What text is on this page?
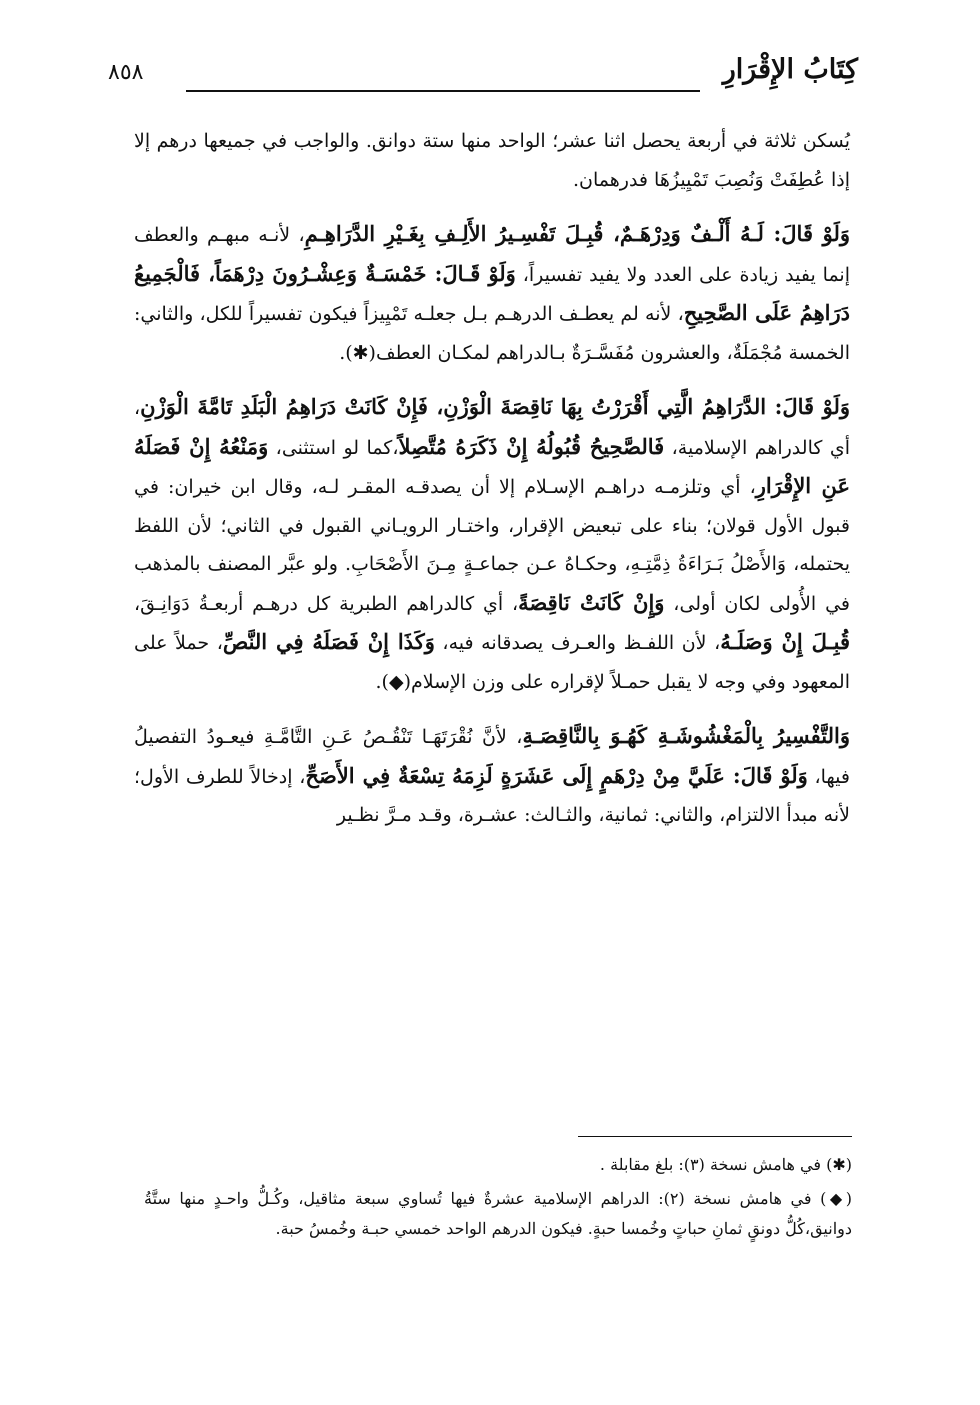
كِتَابُ الإِقْرَارِ
٨٥٨

يُسكن ثلاثة في أربعة يحصل اثنا عشر؛ الواحد منها ستة دوانق. والواجب في جميعها درهم إلا إذا عُطِفَتْ وَنُصِبَ تَمْيِيزُهَا فدرهمان.

وَلَوْ قَالَ: لَـهُ أَلْـفٌ وَدِرْهَـمٌ، قُبِـلَ تَفْسِـيرُ الأَلِـفِ بِغَـيْرِ الدَّرَاهِـمِ، لأنـه مبهـم والعطف إنما يفيد زيادة على العدد ولا يفيد تفسيراً، وَلَوْ قَـالَ: خَمْسَـةٌ وَعِشْـرُونَ دِرْهَمَاً، فَالْجَمِيعُ دَرَاهِمُ عَلَى الصَّحِيحِ، لأنه لم يعطـف الدرهـم بـل جعلـه تَمْيِيزاً فيكون تفسيراً للكل، والثاني: الخمسة مُجْمَلَةٌ، والعشرون مُفَسَّـرَةٌ بـالدراهم لمكـان العطف(✱).

وَلَوْ قَالَ: الدَّرَاهِمُ الَّتِي أَقْرَرْتُ بِهَا نَاقِصَةَ الْوَزْنِ، فَإِنْ كَانَتْ دَرَاهِمُ الْبَلَدِ تَامَّةَ الْوَزْنِ، أي كالدراهم الإسلامية، فَالصَّحِيحُ قُبُولُهُ إِنْ ذَكَرَهُ مُتَّصِلاً،كما لو استثنى، وَمَنْعُهُ إِنْ فَصَلَهُ عَنِ الإِقْرَارِ، أي وتلزمـه دراهـم الإسـلام إلا أن يصدقـه المقـر لـه، وقال ابن خيران: في قبول الأول قولان؛ بناء على تبعيض الإقرار، واختـار الرويـاني القبول في الثاني؛ لأن اللفظ يحتمله، وَالأَصْلُ بَـرَاءَةُ ذِمَّتِـهِ، وحكـاهُ عـن جماعـةٍ مِـنَ الأَصْحَابِ. ولو عبَّر المصنف بالمذهب في الأُولى لكان أولى، وَإِنْ كَانَتْ نَاقِصَةً، أي كالدراهم الطبرية كل درهـم أربعـةُ دَوَانِـقَ، قُبِـلَ إِنْ وَصَلَـهُ، لأن اللفـظ والعـرف يصدقانه فيه، وَكَذَا إِنْ فَصَلَهُ فِي النَّصِّ، حملاً على المعهود وفي وجه لا يقبل حمـلاً لإقراره على وزن الإسلام(◆).

وَالتَّفْسِيرُ بِالْمَغْشُوشَـةِ كَهُـوَ بِالنَّاقِصَـةِ، لأنَّ نُقْرَتَهَـا تَنْقُـصُ عَـنِ التَّامَّـةِ فيعـودُ التفصيلُ فيها، وَلَوْ قَالَ: عَلَيَّ مِنْ دِرْهَمٍ إِلَى عَشَرَةٍ لَزِمَهُ تِسْعَةٌ فِي الأَصَحِّ، إدخالاً للطرف الأول؛ لأنه مبدأ الالتزام، والثاني: ثمانية، والثـالث: عشـرة، وقـد مـرَّ نظـير

(✱) في هامش نسخة (٣): بلغ مقابلة .

(◆) في هامش نسخة (٢): الدراهم الإسلامية عشرةٌ فيها تُساوي سبعة مثاقيل، وكُـلُّ واحـدٍ منها ستَّةُ دوانيق،كُلُّ دونقٍ ثمانِ حباتٍ وخُمسا حبةٍ. فيكون الدرهم الواحد خمسي حبـة وخُمسُ حبة.
